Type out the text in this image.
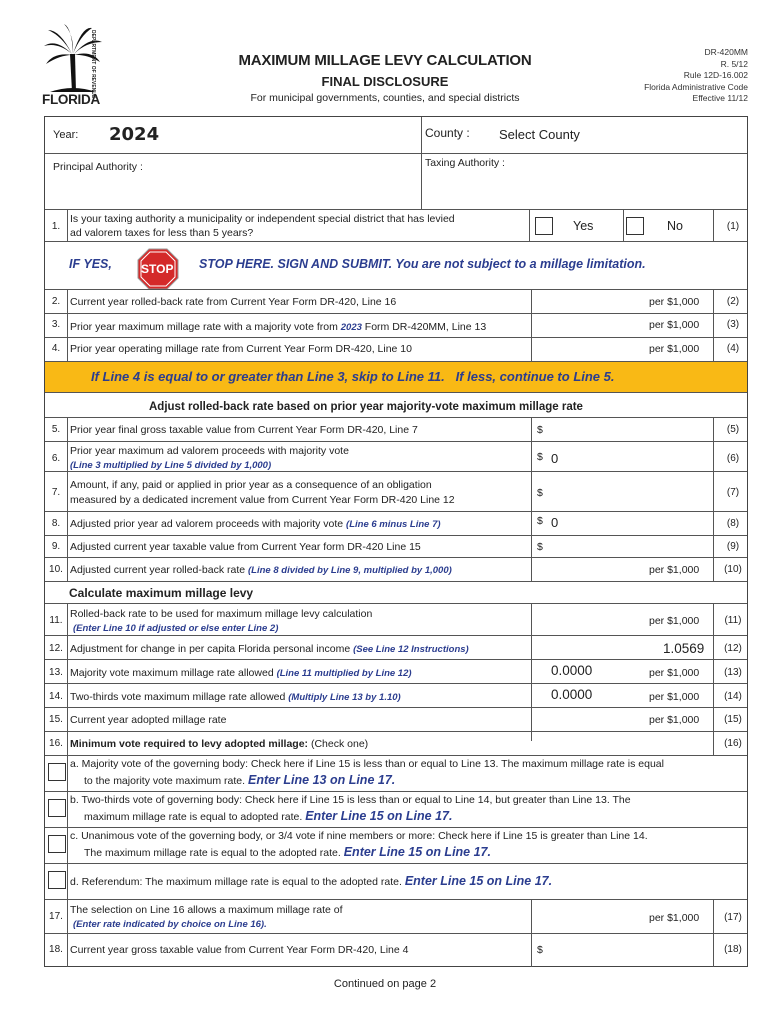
DEPARTMENT OF REVENUE
FLORIDA
MAXIMUM MILLAGE LEVY CALCULATION
FINAL DISCLOSURE
For municipal governments, counties, and special districts
DR-420MM
R. 5/12
Rule 12D-16.002
Florida Administrative Code
Effective 11/12
Year: 2024	County : Select County
Principal Authority :	Taxing Authority :
1.
Is your taxing authority a municipality or independent special district that has levied
ad valorem taxes for less than 5 years?	Yes	No	(1)
IF YES, STOP STOP HERE. SIGN AND SUBMIT. You are not subject to a millage limitation.
2. Current year rolled-back rate from Current Year Form DR-420, Line 16	per $1,000	(2)
3. Prior year maximum millage rate with a majority vote from 2023 Form DR-420MM, Line 13	per $1,000	(3)
4. Prior year operating millage rate from Current Year Form DR-420, Line 10	per $1,000	(4)
If Line 4 is equal to or greater than Line 3, skip to Line 11. If less, continue to Line 5.
Adjust rolled-back rate based on prior year majority-vote maximum millage rate
5. Prior year final gross taxable value from Current Year Form DR-420, Line 7	$	(5)
6.
Prior year maximum ad valorem proceeds with majority vote
(Line 3 multiplied by Line 5 divided by 1,000)
$ 0	(6)
7.
Amount, if any, paid or applied in prior year as a consequence of an obligation
measured by a dedicated increment value from Current Year Form DR-420 Line 12
$	(7)
8. Adjusted prior year ad valorem proceeds with majority vote (Line 6 minus Line 7)	$ 0	(8)
9. Adjusted current year taxable value from Current Year form DR-420 Line 15	$	(9)
10. Adjusted current year rolled-back rate (Line 8 divided by Line 9, multiplied by 1,000)	per $1,000	(10)
Calculate maximum millage levy
11.
Rolled-back rate to be used for maximum millage levy calculation
(Enter Line 10 if adjusted or else enter Line 2)
per $1,000	(11)
12. Adjustment for change in per capita Florida personal income (See Line 12 Instructions)	1.0569	(12)
13. Majority vote maximum millage rate allowed (Line 11 multiplied by Line 12)	0.0000	per $1,000	(13)
14. Two-thirds vote maximum millage rate allowed (Multiply Line 13 by 1.10)	0.0000	per $1,000	(14)
15. Current year adopted millage rate	per $1,000	(15)
16. Minimum vote required to levy adopted millage: (Check one)	(16)
a. Majority vote of the governing body: Check here if Line 15 is less than or equal to Line 13. The maximum millage rate is equal
to the majority vote maximum rate. Enter Line 13 on Line 17.
b. Two-thirds vote of governing body: Check here if Line 15 is less than or equal to Line 14, but greater than Line 13. The
maximum millage rate is equal to adopted rate. Enter Line 15 on Line 17.
c. Unanimous vote of the governing body, or 3/4 vote if nine members or more: Check here if Line 15 is greater than Line 14.
The maximum millage rate is equal to the adopted rate. Enter Line 15 on Line 17.
d. Referendum: The maximum millage rate is equal to the adopted rate. Enter Line 15 on Line 17.
17.
The selection on Line 16 allows a maximum millage rate of
(Enter rate indicated by choice on Line 16).
per $1,000	(17)
18. Current year gross taxable value from Current Year Form DR-420, Line 4	$	(18)
Continued on page 2
